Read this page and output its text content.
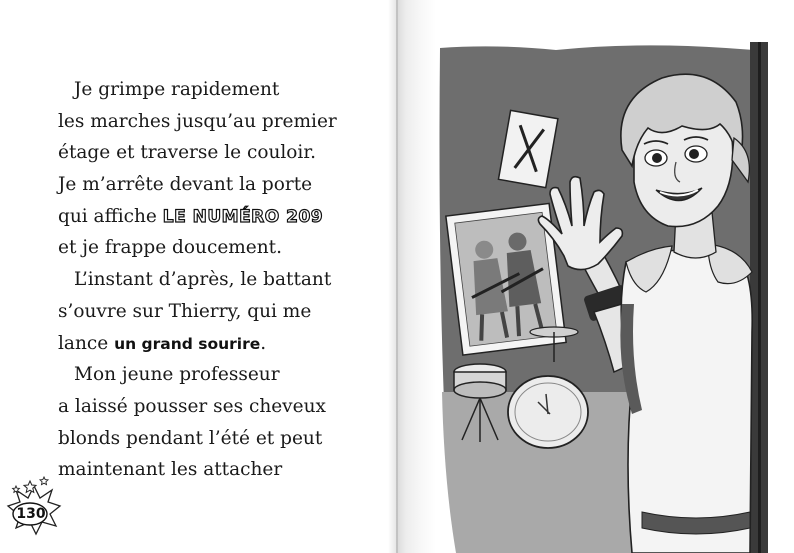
Je grimpe rapidement
les marches jusqu’au premier
étage et traverse le couloir.
Je m’arrête devant la porte
qui affiche LE NUMÉRO 209
et je frappe doucement.
L’instant d’après, le battant
s’ouvre sur Thierry, qui me
lance un grand sourire.
Mon jeune professeur
a laissé pousser ses cheveux
blonds pendant l’été et peut
maintenant les attacher
130
